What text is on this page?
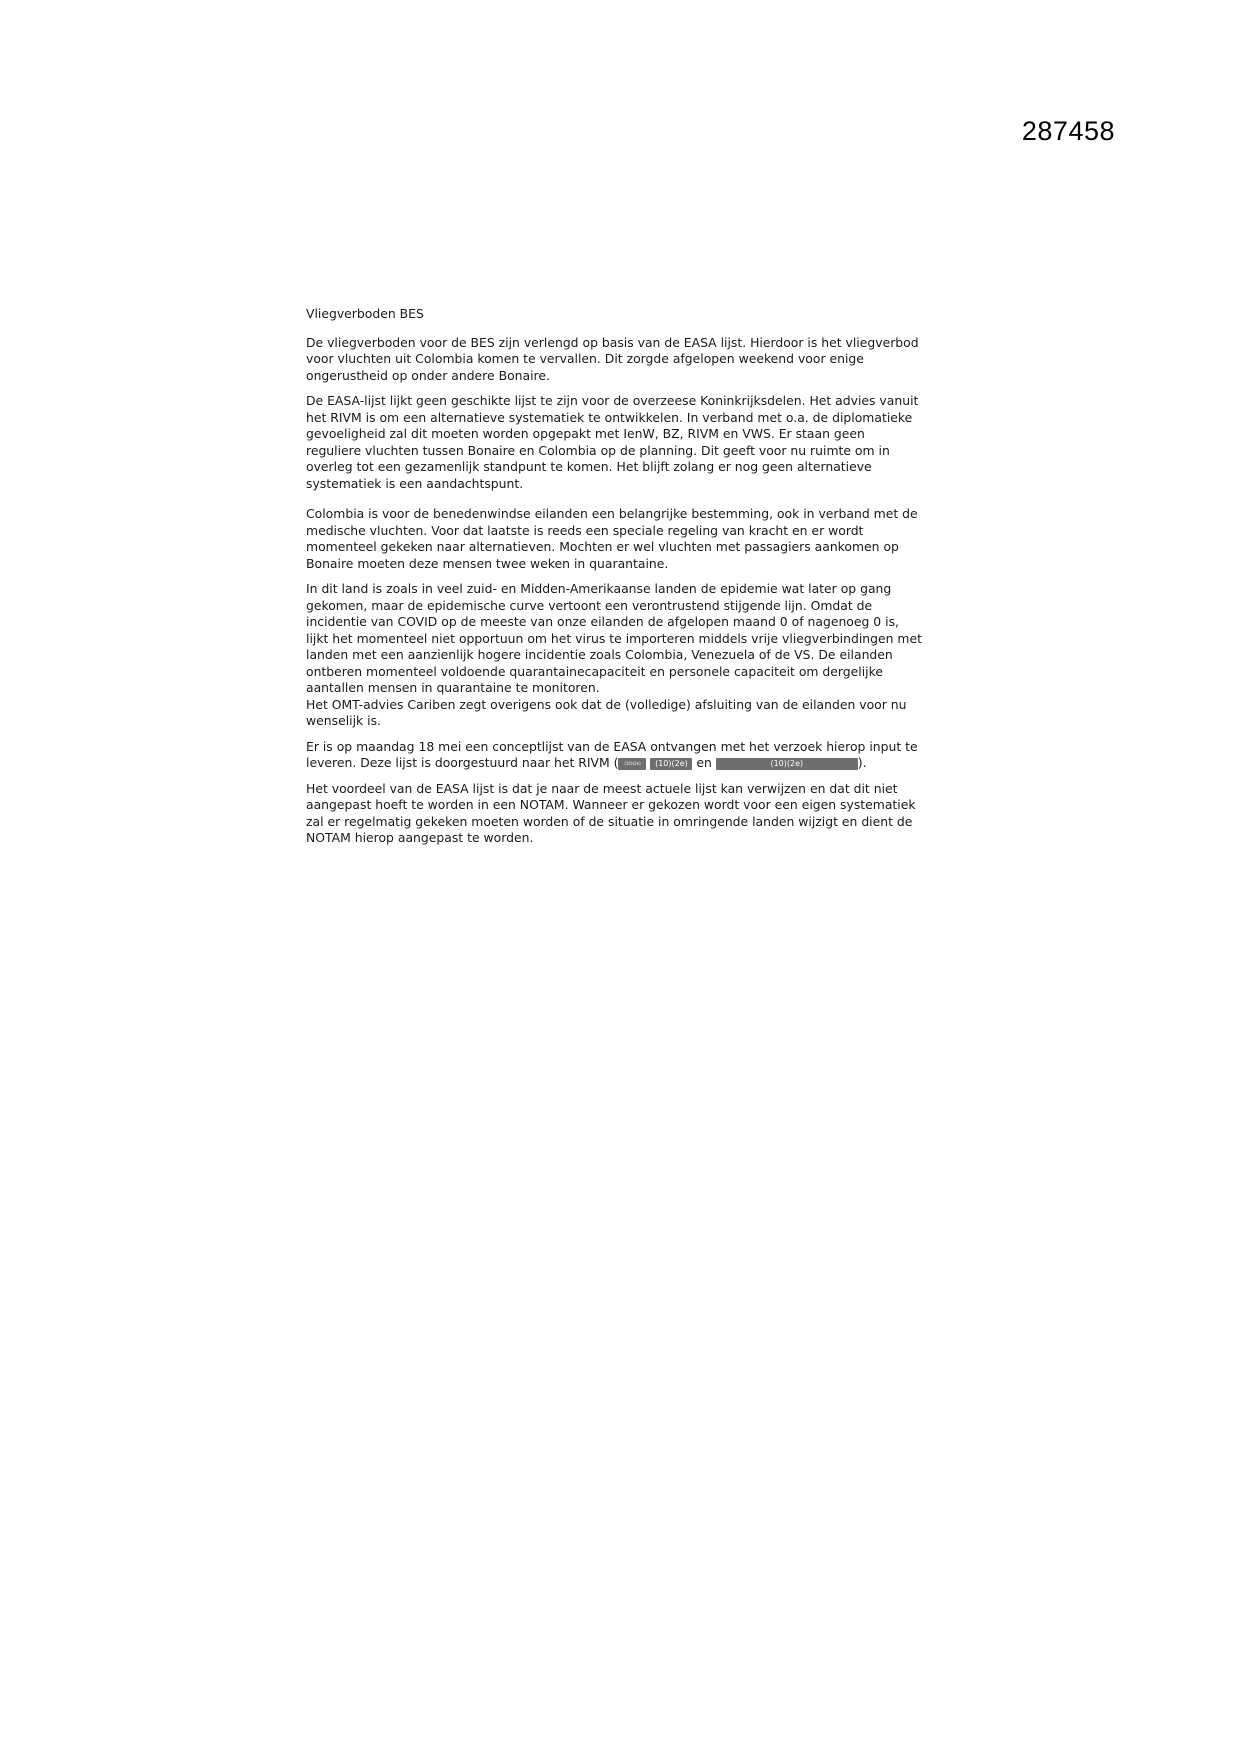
287458
Vliegverboden BES

De vliegverboden voor de BES zijn verlengd op basis van de EASA lijst. Hierdoor is het vliegverbod
voor vluchten uit Colombia komen te vervallen. Dit zorgde afgelopen weekend voor enige
ongerustheid op onder andere Bonaire.

De EASA-lijst lijkt geen geschikte lijst te zijn voor de overzeese Koninkrijksdelen. Het advies vanuit
het RIVM is om een alternatieve systematiek te ontwikkelen. In verband met o.a. de diplomatieke
gevoeligheid zal dit moeten worden opgepakt met IenW, BZ, RIVM en VWS. Er staan geen
reguliere vluchten tussen Bonaire en Colombia op de planning. Dit geeft voor nu ruimte om in
overleg tot een gezamenlijk standpunt te komen. Het blijft zolang er nog geen alternatieve
systematiek is een aandachtspunt.

Colombia is voor de benedenwindse eilanden een belangrijke bestemming, ook in verband met de
medische vluchten. Voor dat laatste is reeds een speciale regeling van kracht en er wordt
momenteel gekeken naar alternatieven. Mochten er wel vluchten met passagiers aankomen op
Bonaire moeten deze mensen twee weken in quarantaine.

In dit land is zoals in veel zuid- en Midden-Amerikaanse landen de epidemie wat later op gang
gekomen, maar de epidemische curve vertoont een verontrustend stijgende lijn. Omdat de
incidentie van COVID op de meeste van onze eilanden de afgelopen maand 0 of nagenoeg 0 is,
lijkt het momenteel niet opportuun om het virus te importeren middels vrije vliegverbindingen met
landen met een aanzienlijk hogere incidentie zoals Colombia, Venezuela of de VS. De eilanden
ontberen momenteel voldoende quarantainecapaciteit en personele capaciteit om dergelijke
aantallen mensen in quarantaine te monitoren.
Het OMT-advies Cariben zegt overigens ook dat de (volledige) afsluiting van de eilanden voor nu
wenselijk is.

Er is op maandag 18 mei een conceptlijst van de EASA ontvangen met het verzoek hierop input te
leveren. Deze lijst is doorgestuurd naar het RIVM ( (10)(2e) (10)(2e) en	(10)(2e)	).

Het voordeel van de EASA lijst is dat je naar de meest actuele lijst kan verwijzen en dat dit niet
aangepast hoeft te worden in een NOTAM. Wanneer er gekozen wordt voor een eigen systematiek
zal er regelmatig gekeken moeten worden of de situatie in omringende landen wijzigt en dient de
NOTAM hierop aangepast te worden.
